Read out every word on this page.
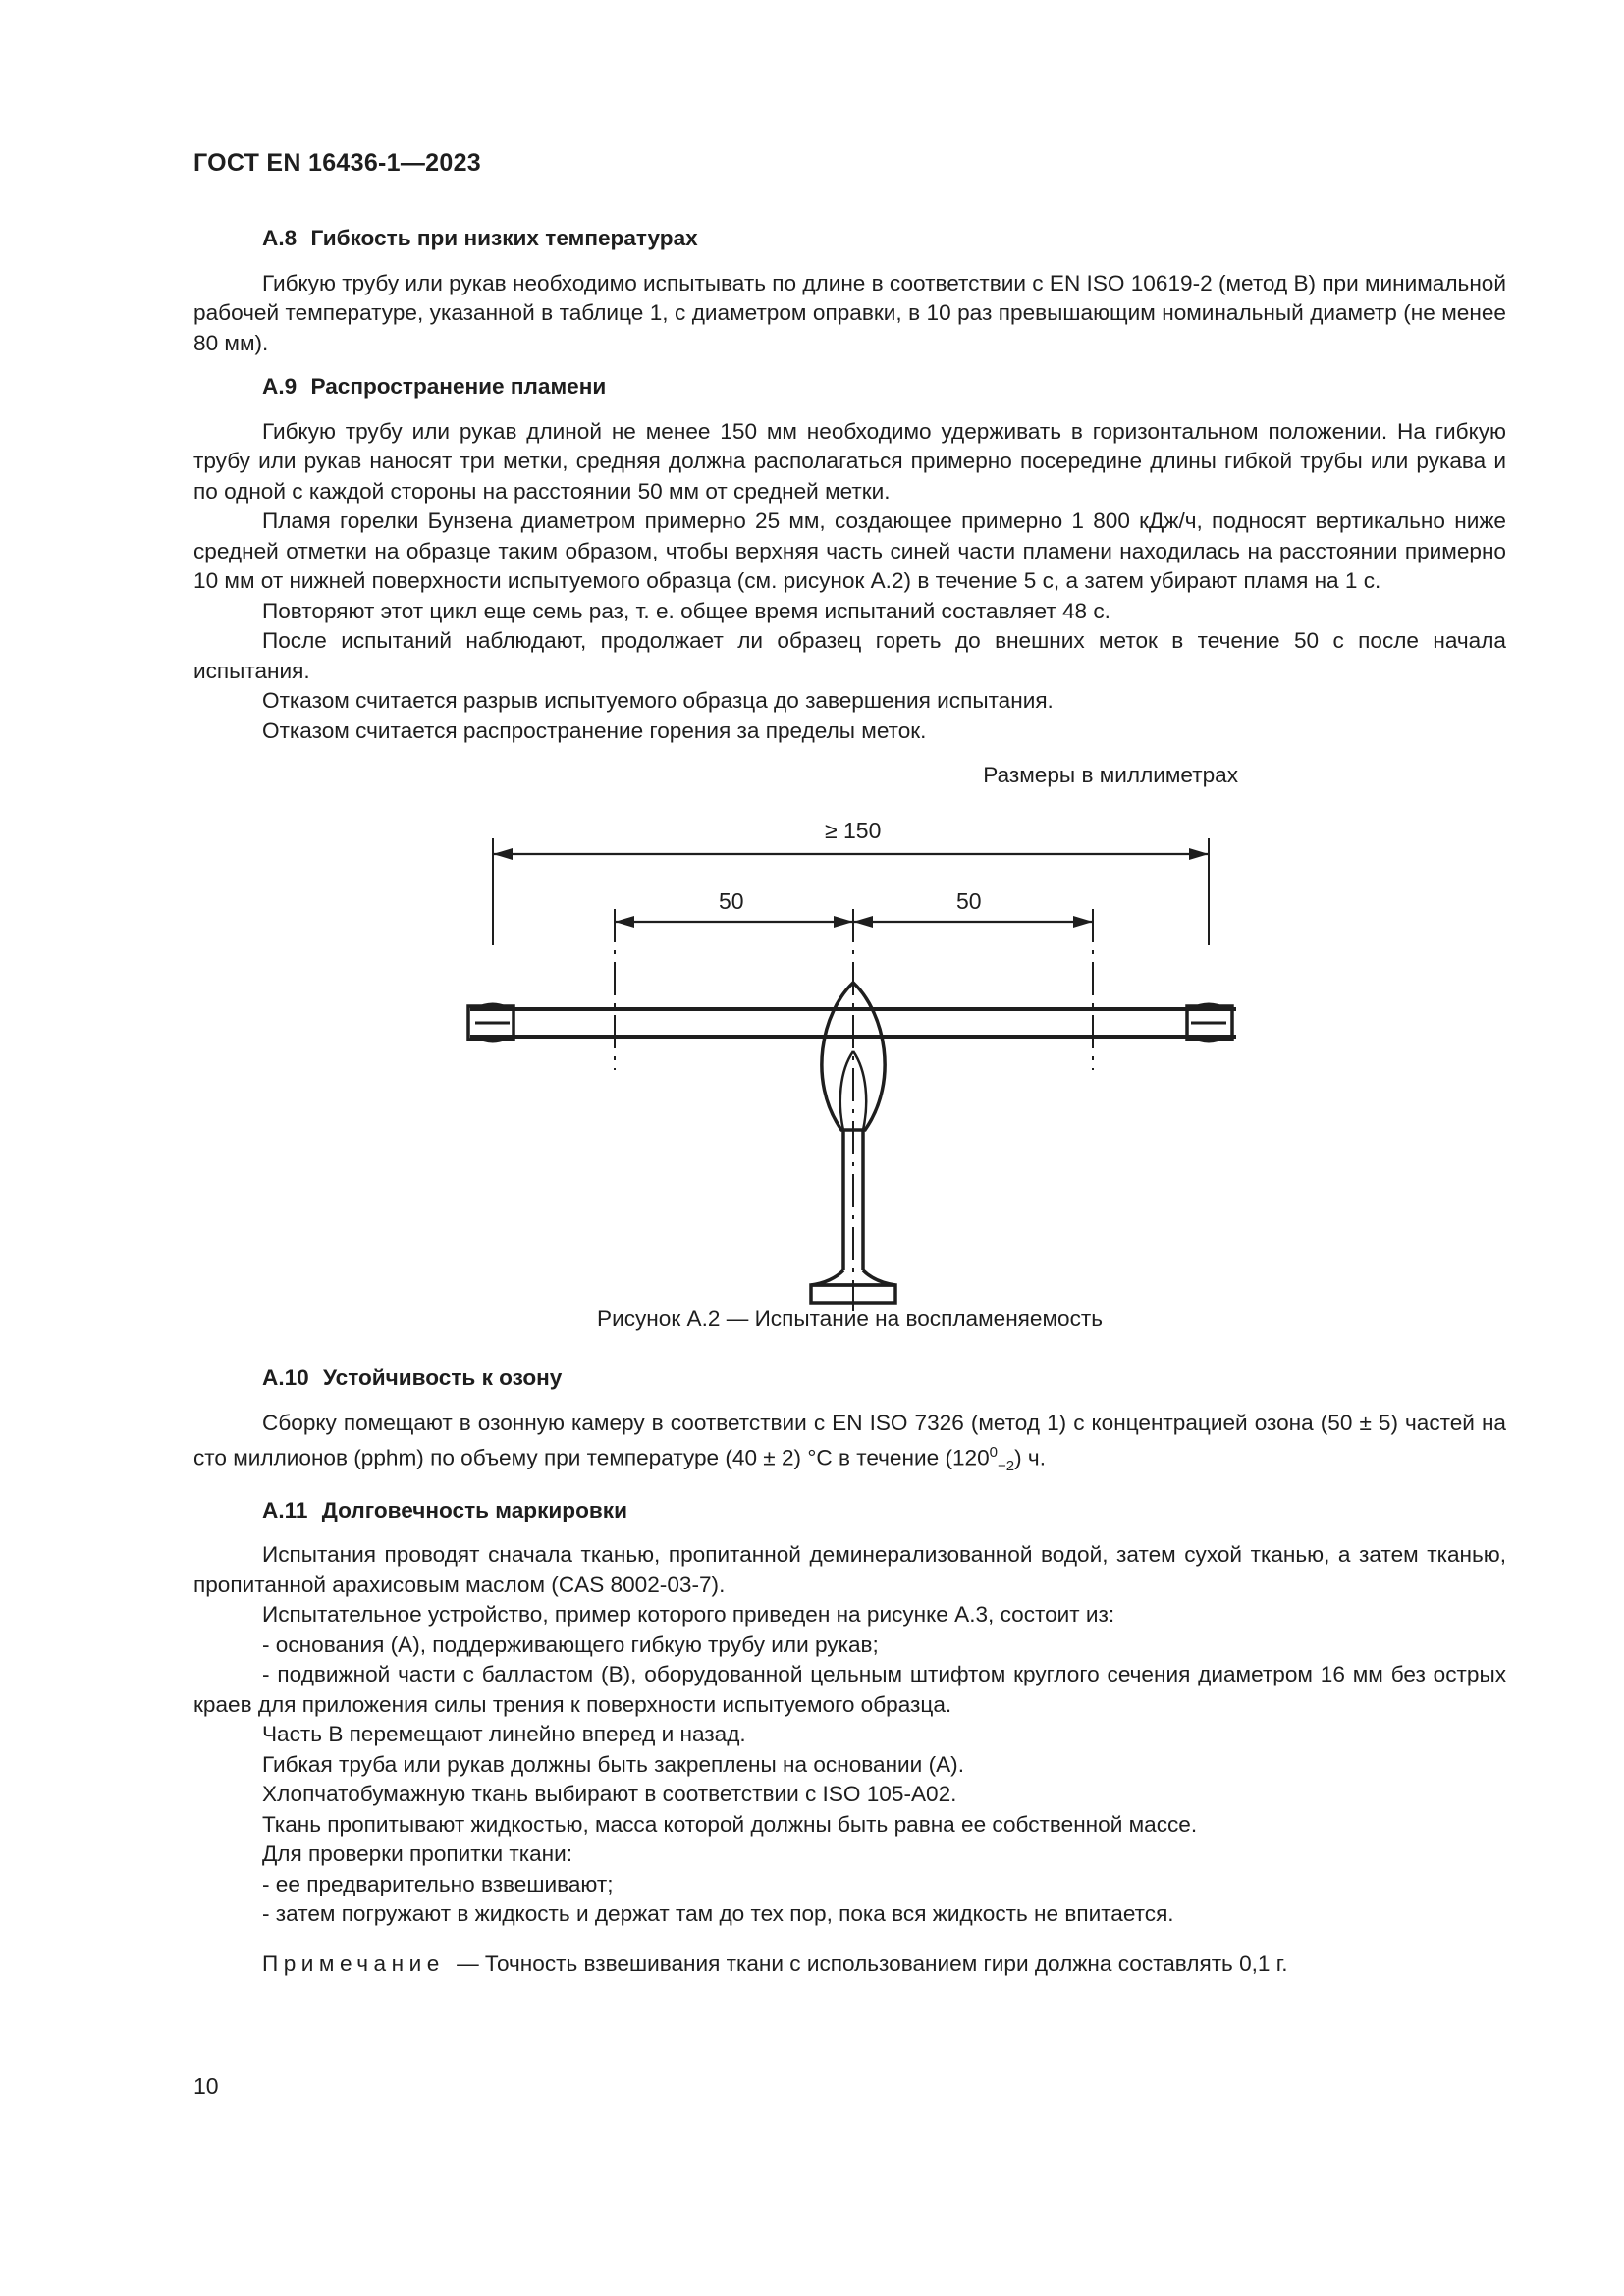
ГОСТ EN 16436-1—2023

А.8 Гибкость при низких температурах

Гибкую трубу или рукав необходимо испытывать по длине в соответствии с EN ISO 10619-2 (метод В) при минимальной рабочей температуре, указанной в таблице 1, с диаметром оправки, в 10 раз превышающим номинальный диаметр (не менее 80 мм).

А.9 Распространение пламени

Гибкую трубу или рукав длиной не менее 150 мм необходимо удерживать в горизонтальном положении. На гибкую трубу или рукав наносят три метки, средняя должна располагаться примерно посередине длины гибкой трубы или рукава и по одной с каждой стороны на расстоянии 50 мм от средней метки.

Пламя горелки Бунзена диаметром примерно 25 мм, создающее примерно 1 800 кДж/ч, подносят вертикально ниже средней отметки на образце таким образом, чтобы верхняя часть синей части пламени находилась на расстоянии примерно 10 мм от нижней поверхности испытуемого образца (см. рисунок А.2) в течение 5 с, а затем убирают пламя на 1 с.

Повторяют этот цикл еще семь раз, т. е. общее время испытаний составляет 48 с.

После испытаний наблюдают, продолжает ли образец гореть до внешних меток в течение 50 с после начала испытания.

Отказом считается разрыв испытуемого образца до завершения испытания.

Отказом считается распространение горения за пределы меток.

Размеры в миллиметрах

≥ 150
50	50

Рисунок А.2 — Испытание на воспламеняемость

А.10 Устойчивость к озону

Сборку помещают в озонную камеру в соответствии с EN ISO 7326 (метод 1) с концентрацией озона (50 ± 5) частей на сто миллионов (pphm) по объему при температуре (40 ± 2) °С в течение $(120^0_{-2})$ ч.

А.11 Долговечность маркировки

Испытания проводят сначала тканью, пропитанной деминерализованной водой, затем сухой тканью, а затем тканью, пропитанной арахисовым маслом (CAS 8002-03-7).

Испытательное устройство, пример которого приведен на рисунке А.3, состоит из:

- основания (А), поддерживающего гибкую трубу или рукав;

- подвижной части с балластом (В), оборудованной цельным штифтом круглого сечения диаметром 16 мм без острых краев для приложения силы трения к поверхности испытуемого образца.

Часть В перемещают линейно вперед и назад.

Гибкая труба или рукав должны быть закреплены на основании (А).

Хлопчатобумажную ткань выбирают в соответствии с ISO 105-A02.

Ткань пропитывают жидкостью, масса которой должны быть равна ее собственной массе.

Для проверки пропитки ткани:

- ее предварительно взвешивают;

- затем погружают в жидкость и держат там до тех пор, пока вся жидкость не впитается.

Примечание — Точность взвешивания ткани с использованием гири должна составлять 0,1 г.

10
